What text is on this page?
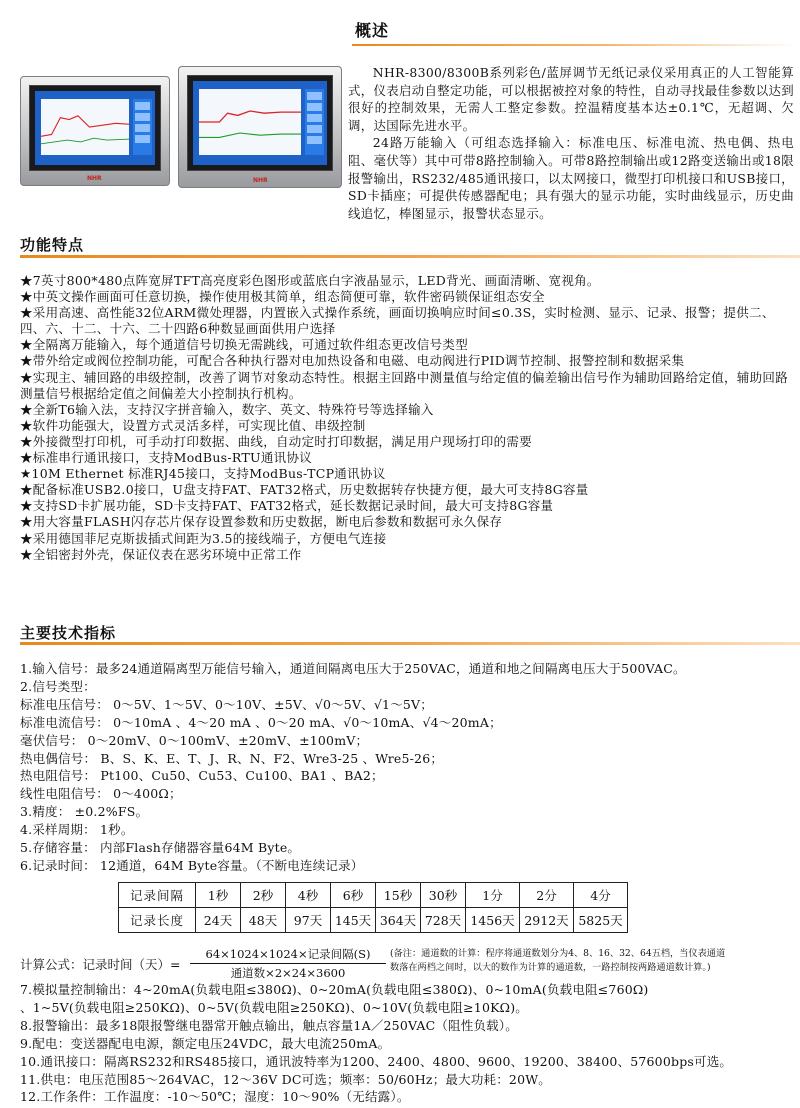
概述
NHR	NHR

NHR-8300/8300B系列彩色/蓝屏调节无纸记录仪采用真正的人工智能算式，仪表启动自整定功能，可以根据被控对象的特性，自动寻找最佳参数以达到很好的控制效果，无需人工整定参数。控温精度基本达±0.1℃，无超调、欠调，达国际先进水平。

24路万能输入（可组态选择输入：标准电压、标准电流、热电偶、热电阻、毫伏等）其中可带8路控制输入。可带8路控制输出或12路变送输出或18限报警输出，RS232/485通讯接口，以太网接口，微型打印机接口和USB接口，SD卡插座；可提供传感器配电；具有强大的显示功能，实时曲线显示，历史曲线追忆，棒图显示，报警状态显示。

功能特点

★7英寸800*480点阵宽屏TFT高亮度彩色图形或蓝底白字液晶显示，LED背光、画面清晰、宽视角。

★中英文操作画面可任意切换，操作使用极其简单，组态简便可靠，软件密码锁保证组态安全

★采用高速、高性能32位ARM微处理器，内置嵌入式操作系统，画面切换响应时间≤0.3S，实时检测、显示、记录、报警；提供二、四、六、十二、十六、二十四路6种数显画面供用户选择

★全隔离万能输入，每个通道信号切换无需跳线，可通过软件组态更改信号类型

★带外给定或阀位控制功能，可配合各种执行器对电加热设备和电磁、电动阀进行PID调节控制、报警控制和数据采集

★实现主、辅回路的串级控制，改善了调节对象动态特性。根据主回路中测量值与给定值的偏差输出信号作为辅助回路给定值，辅助回路测量信号根据给定值之间偏差大小控制执行机构。

★全新T6输入法，支持汉字拼音输入，数字、英文、特殊符号等选择输入

★软件功能强大，设置方式灵活多样，可实现比值、串级控制

★外接微型打印机，可手动打印数据、曲线，自动定时打印数据，满足用户现场打印的需要

★标准串行通讯接口，支持ModBus-RTU通讯协议

★10M Ethernet 标准RJ45接口，支持ModBus-TCP通讯协议

★配备标准USB2.0接口，U盘支持FAT、FAT32格式，历史数据转存快捷方便，最大可支持8G容量

★支持SD卡扩展功能，SD卡支持FAT、FAT32格式，延长数据记录时间，最大可支持8G容量

★用大容量FLASH闪存芯片保存设置参数和历史数据，断电后参数和数据可永久保存

★采用德国菲尼克斯拔插式间距为3.5的接线端子，方便电气连接

★全铝密封外壳，保证仪表在恶劣环境中正常工作

主要技术指标

1.输入信号：最多24通道隔离型万能信号输入，通道间隔离电压大于250VAC，通道和地之间隔离电压大于500VAC。

2.信号类型：

标准电压信号： 0～5V、1～5V、0～10V、±5V、√0～5V、√1～5V；

标准电流信号： 0～10mA 、4～20 mA 、0～20 mA、√0～10mA、√4～20mA；

毫伏信号： 0～20mV、0～100mV、±20mV、±100mV；

热电偶信号： B、S、K、E、T、J、R、N、F2、Wre3-25 、Wre5-26；

热电阻信号： Pt100、Cu50、Cu53、Cu100、BA1 、BA2；

线性电阻信号： 0～400Ω；

3.精度： ±0.2%FS。

4.采样周期： 1秒。

5.存储容量： 内部Flash存储器容量64M Byte。

6.记录时间： 12通道，64M Byte容量。（不断电连续记录）

记录间隔	1秒	2秒	4秒	6秒	15秒	30秒	1分	2分	4分
记录长度	24天	48天	97天	145天	364天	728天	1456天	2912天	5825天
计算公式：记录时间（天）=
64×1024×1024×记录间隔(S)
通道数×2×24×3600
(备注：通道数的计算：程序将通道数划分为4、8、16、32、64五档，当仪表通道
数落在两档之间时，以大的数作为计算的通道数，一路控制按两路通道数计算。)

7.模拟量控制输出：4~20mA(负载电阻≤380Ω)、0~20mA(负载电阻≤380Ω)、0~10mA(负载电阻≤760Ω)

、1~5V(负载电阻≥250KΩ)、0~5V(负载电阻≥250KΩ)、0~10V(负载电阻≥10KΩ)。

8.报警输出：最多18限报警继电器常开触点输出，触点容量1A／250VAC（阻性负载）。

9.配电：变送器配电电源，额定电压24VDC，最大电流250mA。

10.通讯接口：隔离RS232和RS485接口，通讯波特率为1200、2400、4800、9600、19200、38400、57600bps可选。

11.供电：电压范围85～264VAC，12～36V DC可选；频率：50/60Hz；最大功耗：20W。

12.工作条件：工作温度：-10～50℃；湿度：10～90%（无结露）。
